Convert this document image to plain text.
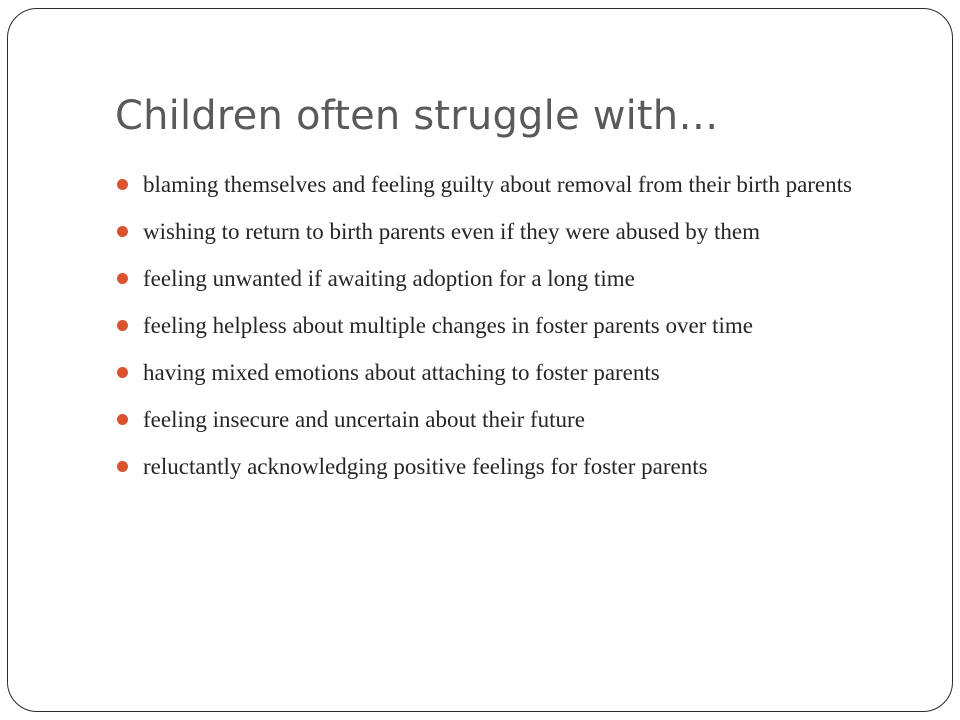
Children often struggle with…
blaming themselves and feeling guilty about removal from their birth parents
wishing to return to birth parents even if they were abused by them
feeling unwanted if awaiting adoption for a long time
feeling helpless about multiple changes in foster parents over time
having mixed emotions about attaching to foster parents
feeling insecure and uncertain about their future
reluctantly acknowledging positive feelings for foster parents
